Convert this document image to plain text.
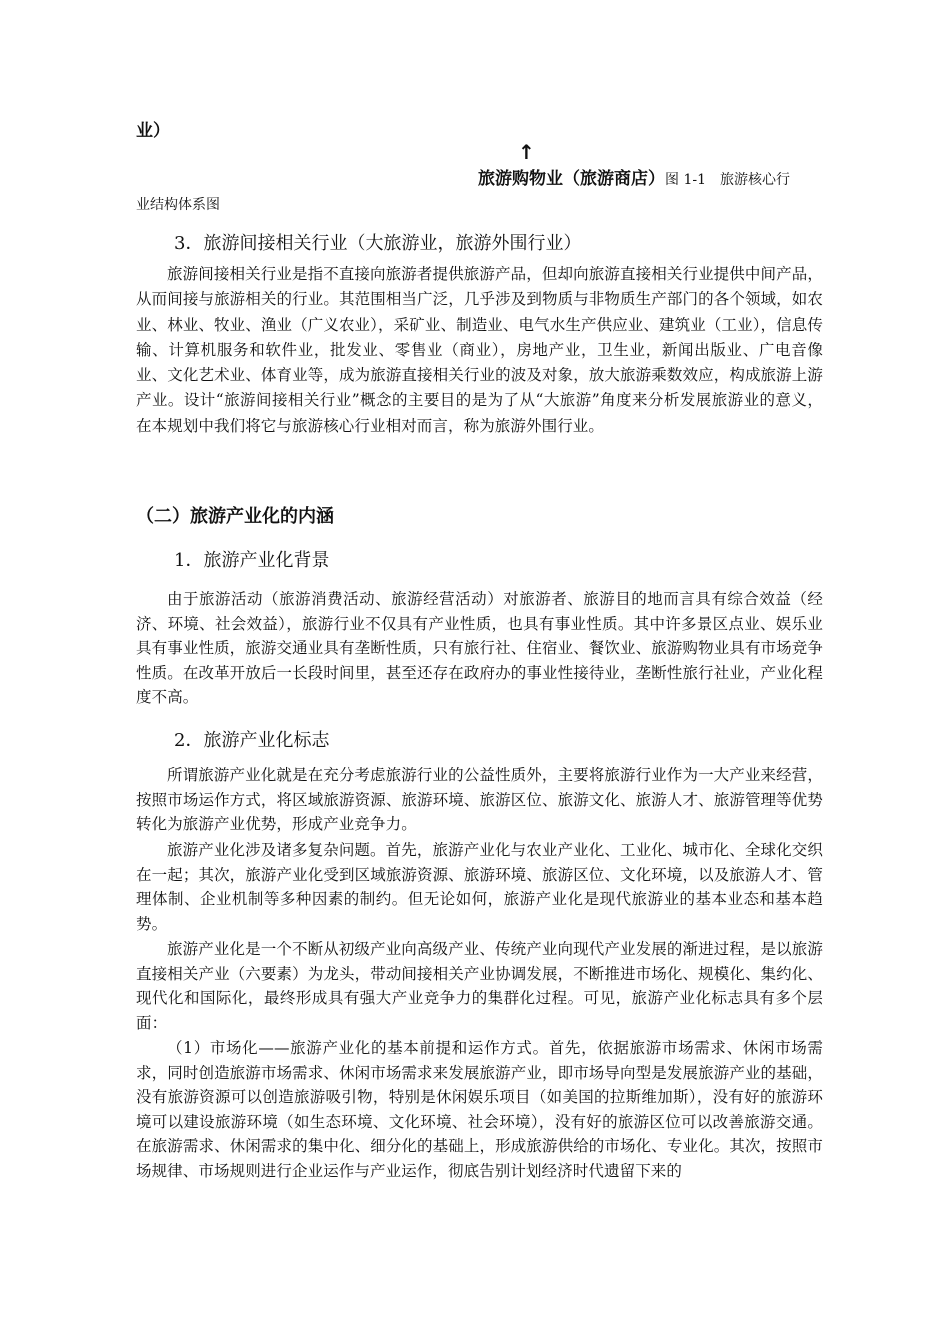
业）
↑
旅游购物业（旅游商店）图 1-1　旅游核心行
业结构体系图
3．旅游间接相关行业（大旅游业，旅游外围行业）

旅游间接相关行业是指不直接向旅游者提供旅游产品，但却向旅游直接相关行业提供中间产品，从而间接与旅游相关的行业。其范围相当广泛，几乎涉及到物质与非物质生产部门的各个领域，如农业、林业、牧业、渔业（广义农业），采矿业、制造业、电气水生产供应业、建筑业（工业），信息传输、计算机服务和软件业，批发业、零售业（商业），房地产业，卫生业，新闻出版业、广电音像业、文化艺术业、体育业等，成为旅游直接相关行业的波及对象，放大旅游乘数效应，构成旅游上游产业。设计“旅游间接相关行业”概念的主要目的是为了从“大旅游”角度来分析发展旅游业的意义，在本规划中我们将它与旅游核心行业相对而言，称为旅游外围行业。

（二）旅游产业化的内涵
1．旅游产业化背景

由于旅游活动（旅游消费活动、旅游经营活动）对旅游者、旅游目的地而言具有综合效益（经济、环境、社会效益），旅游行业不仅具有产业性质，也具有事业性质。其中许多景区点业、娱乐业具有事业性质，旅游交通业具有垄断性质，只有旅行社、住宿业、餐饮业、旅游购物业具有市场竞争性质。在改革开放后一长段时间里，甚至还存在政府办的事业性接待业，垄断性旅行社业，产业化程度不高。

2．旅游产业化标志

所谓旅游产业化就是在充分考虑旅游行业的公益性质外，主要将旅游行业作为一大产业来经营，按照市场运作方式，将区域旅游资源、旅游环境、旅游区位、旅游文化、旅游人才、旅游管理等优势转化为旅游产业优势，形成产业竞争力。

旅游产业化涉及诸多复杂问题。首先，旅游产业化与农业产业化、工业化、城市化、全球化交织在一起；其次，旅游产业化受到区域旅游资源、旅游环境、旅游区位、文化环境，以及旅游人才、管理体制、企业机制等多种因素的制约。但无论如何，旅游产业化是现代旅游业的基本业态和基本趋势。

旅游产业化是一个不断从初级产业向高级产业、传统产业向现代产业发展的渐进过程，是以旅游直接相关产业（六要素）为龙头，带动间接相关产业协调发展，不断推进市场化、规模化、集约化、现代化和国际化，最终形成具有强大产业竞争力的集群化过程。可见，旅游产业化标志具有多个层面：

（1）市场化——旅游产业化的基本前提和运作方式。首先，依据旅游市场需求、休闲市场需求，同时创造旅游市场需求、休闲市场需求来发展旅游产业，即市场导向型是发展旅游产业的基础，没有旅游资源可以创造旅游吸引物，特别是休闲娱乐项目（如美国的拉斯维加斯），没有好的旅游环境可以建设旅游环境（如生态环境、文化环境、社会环境），没有好的旅游区位可以改善旅游交通。在旅游需求、休闲需求的集中化、细分化的基础上，形成旅游供给的市场化、专业化。其次，按照市场规律、市场规则进行企业运作与产业运作，彻底告别计划经济时代遗留下来的
